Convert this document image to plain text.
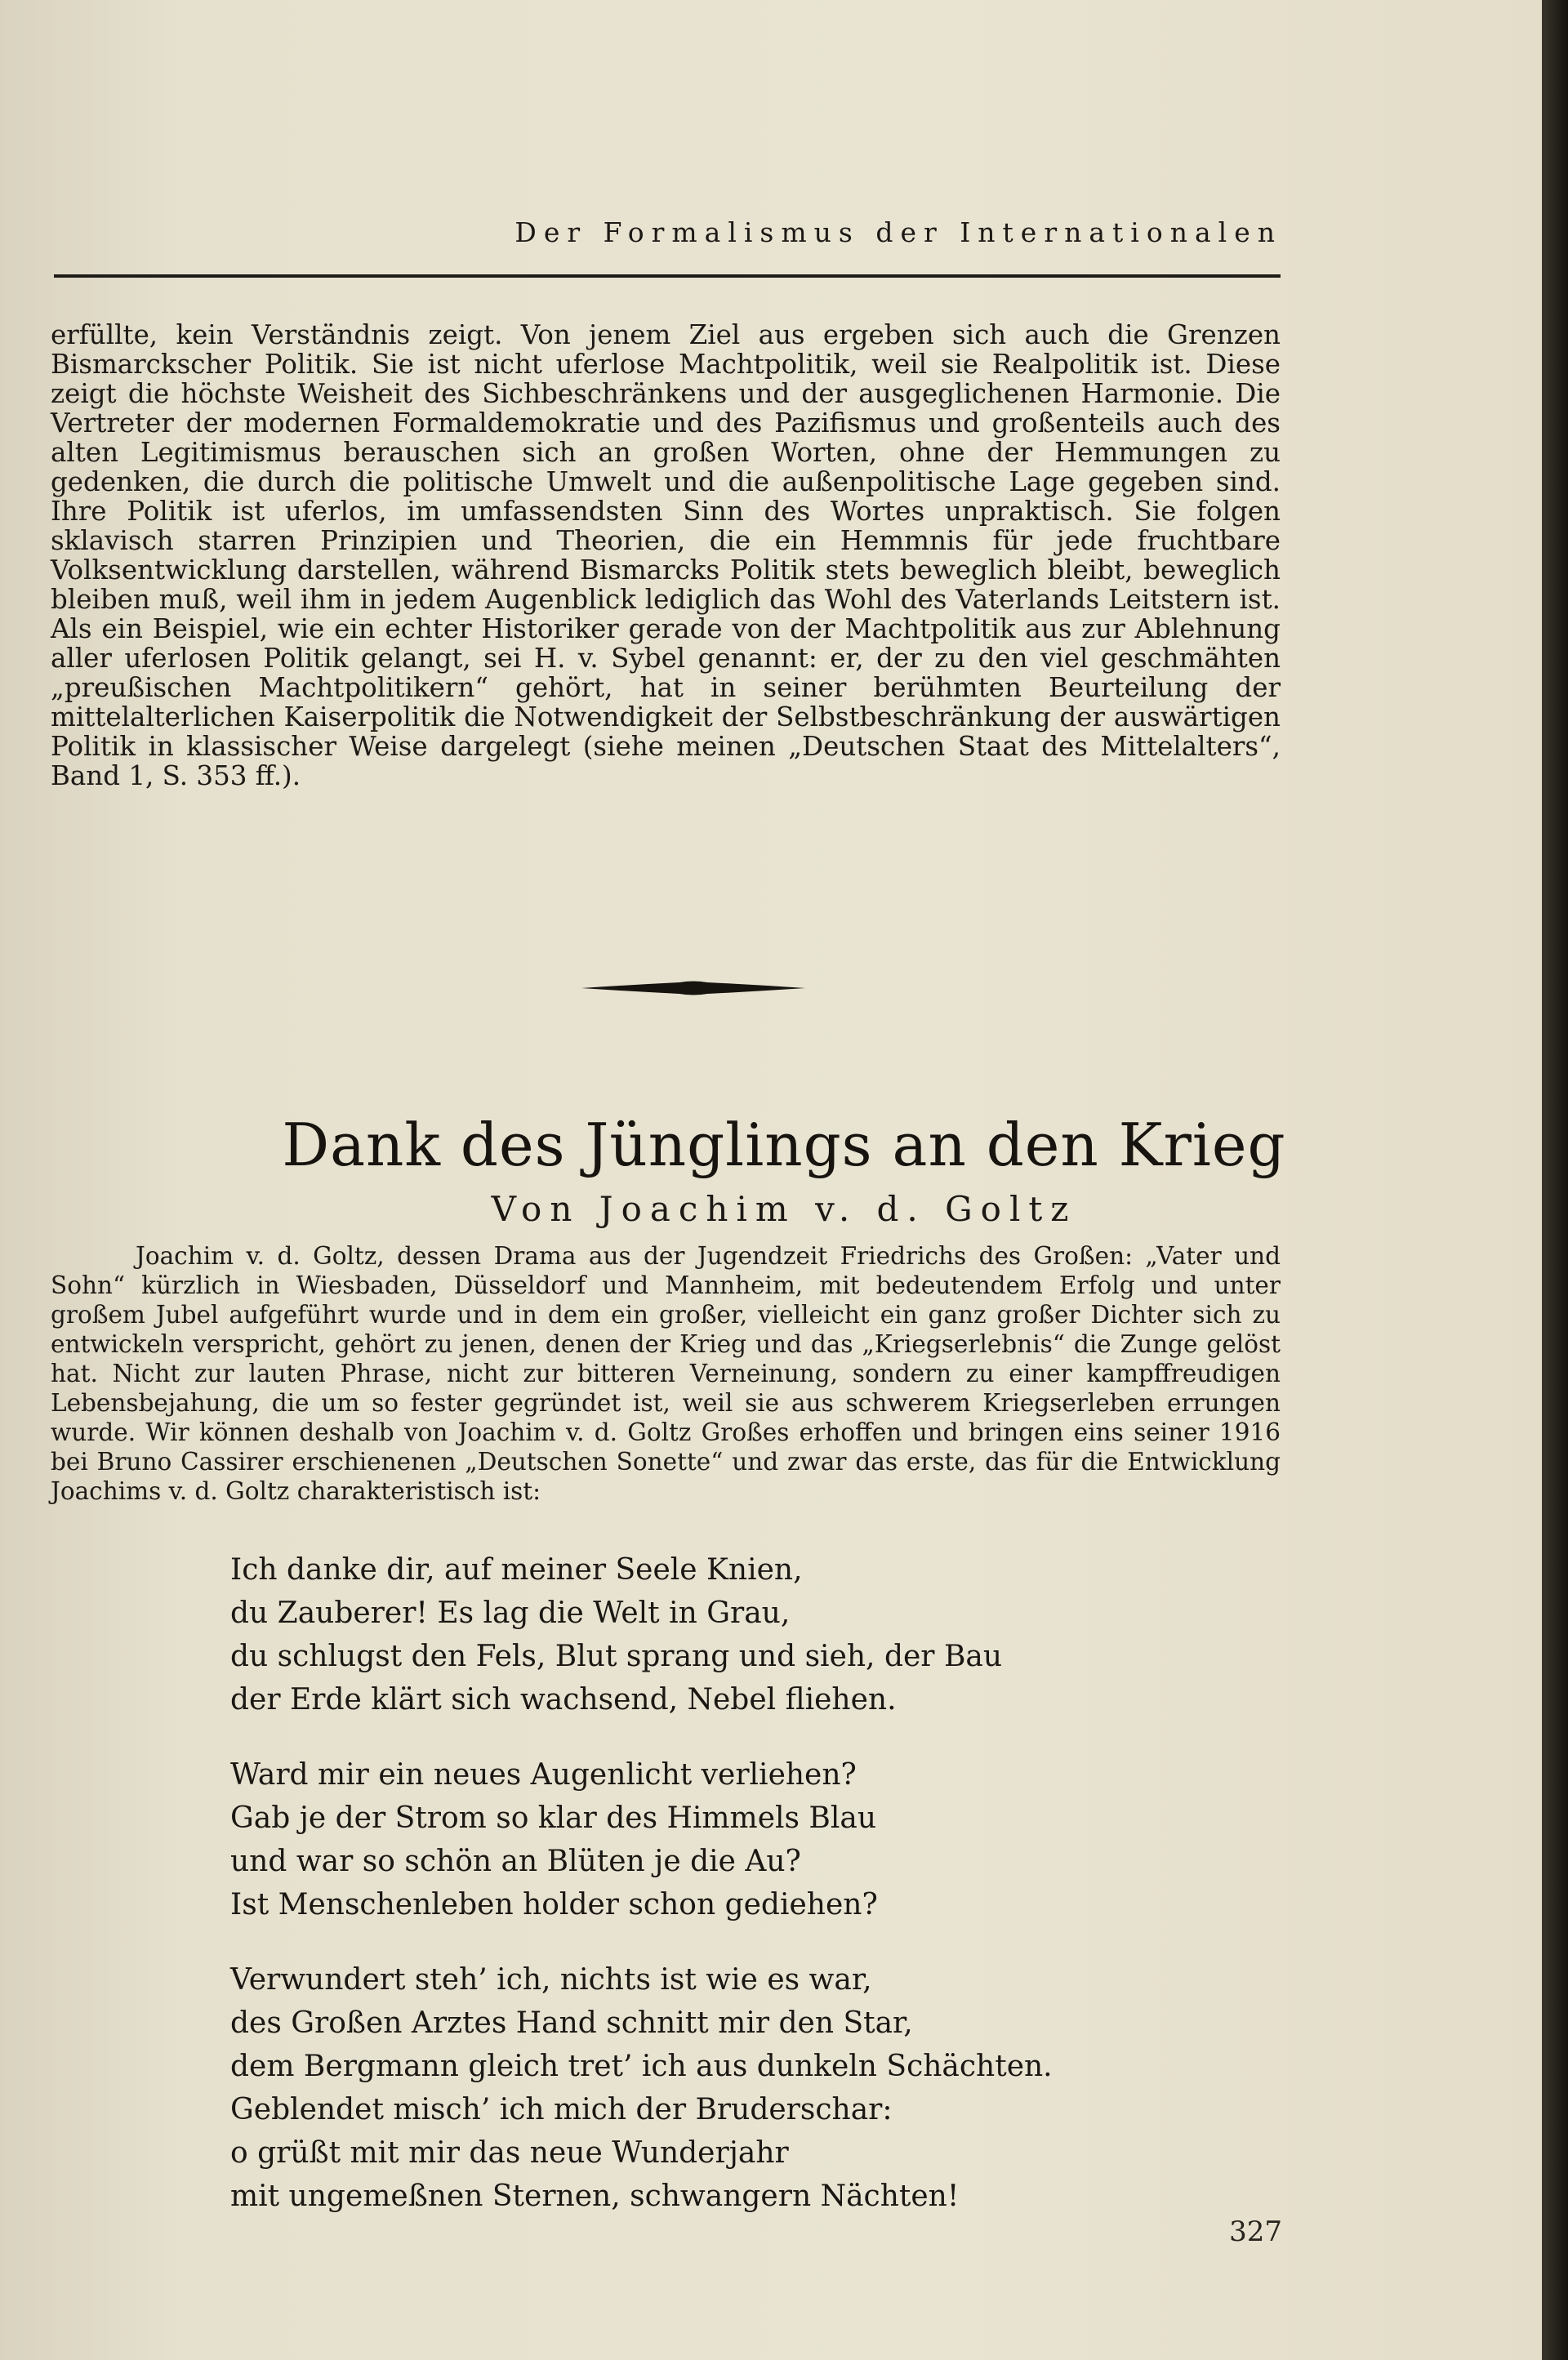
Der Formalismus der Internationalen
erfüllte, kein Verständnis zeigt. Von jenem Ziel aus ergeben sich auch die Grenzen Bismarckscher Politik. Sie ist nicht uferlose Machtpolitik, weil sie Realpolitik ist. Diese zeigt die höchste Weisheit des Sichbeschränkens und der ausgeglichenen Harmonie. Die Vertreter der modernen Formaldemokratie und des Pazifismus und großenteils auch des alten Legitimismus berauschen sich an großen Worten, ohne der Hemmungen zu gedenken, die durch die politische Umwelt und die außenpolitische Lage gegeben sind. Ihre Politik ist uferlos, im umfassendsten Sinn des Wortes unpraktisch. Sie folgen sklavisch starren Prinzipien und Theorien, die ein Hemmnis für jede fruchtbare Volksentwicklung darstellen, während Bismarcks Politik stets beweglich bleibt, beweglich bleiben muß, weil ihm in jedem Augenblick lediglich das Wohl des Vaterlands Leitstern ist. Als ein Beispiel, wie ein echter Historiker gerade von der Machtpolitik aus zur Ablehnung aller uferlosen Politik gelangt, sei H. v. Sybel genannt: er, der zu den viel geschmähten „preußischen Machtpolitikern“ gehört, hat in seiner berühmten Beurteilung der mittelalterlichen Kaiserpolitik die Notwendigkeit der Selbstbeschränkung der auswärtigen Politik in klassischer Weise dargelegt (siehe meinen „Deutschen Staat des Mittelalters“, Band 1, S. 353 ff.).
Dank des Jünglings an den Krieg
Von Joachim v. d. Goltz

Joachim v. d. Goltz, dessen Drama aus der Jugendzeit Friedrichs des Großen: „Vater und Sohn“ kürzlich in Wiesbaden, Düsseldorf und Mannheim, mit bedeutendem Erfolg und unter großem Jubel aufgeführt wurde und in dem ein großer, vielleicht ein ganz großer Dichter sich zu entwickeln verspricht, gehört zu jenen, denen der Krieg und das „Kriegserlebnis“ die Zunge gelöst hat. Nicht zur lauten Phrase, nicht zur bitteren Verneinung, sondern zu einer kampffreudigen Lebensbejahung, die um so fester gegründet ist, weil sie aus schwerem Kriegserleben errungen wurde. Wir können deshalb von Joachim v. d. Goltz Großes erhoffen und bringen eins seiner 1916 bei Bruno Cassirer erschienenen „Deutschen Sonette“ und zwar das erste, das für die Entwicklung Joachims v. d. Goltz charakteristisch ist:

Ich danke dir, auf meiner Seele Knien,
du Zauberer! Es lag die Welt in Grau,
du schlugst den Fels, Blut sprang und sieh, der Bau
der Erde klärt sich wachsend, Nebel fliehen.
Ward mir ein neues Augenlicht verliehen?
Gab je der Strom so klar des Himmels Blau
und war so schön an Blüten je die Au?
Ist Menschenleben holder schon gediehen?
Verwundert steh’ ich, nichts ist wie es war,
des Großen Arztes Hand schnitt mir den Star,
dem Bergmann gleich tret’ ich aus dunkeln Schächten.
Geblendet misch’ ich mich der Bruderschar:
o grüßt mit mir das neue Wunderjahr
mit ungemeßnen Sternen, schwangern Nächten!
327
